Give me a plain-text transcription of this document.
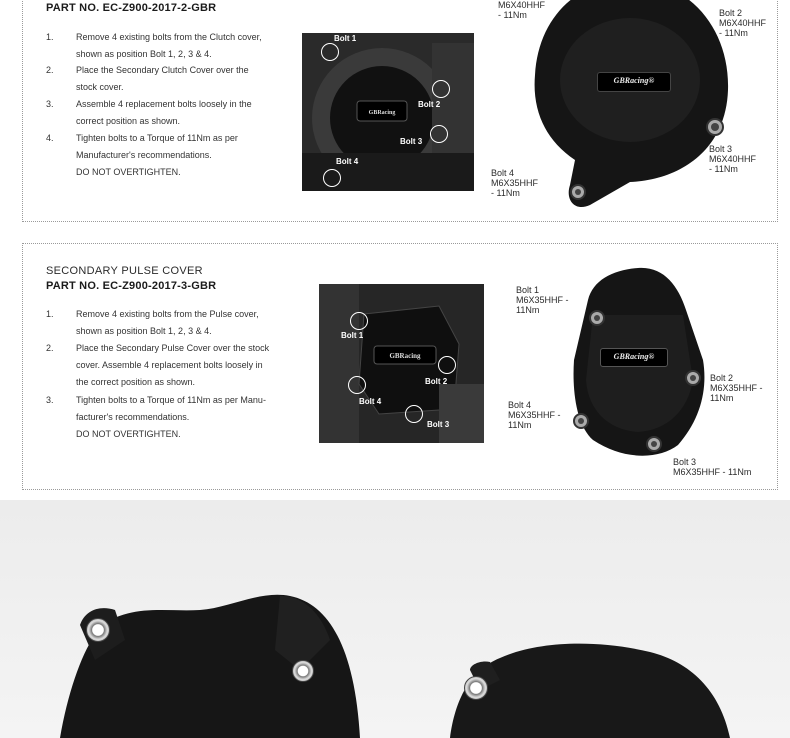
PART NO. EC-Z900-2017-2-GBR
1. Remove 4 existing bolts from the Clutch cover,
shown as position Bolt 1, 2, 3 & 4.
2. Place the Secondary Clutch Cover over the
stock cover.
3. Assemble 4 replacement bolts loosely in the
correct position as shown.
4. Tighten bolts to a Torque of 11Nm as per
Manufacturer's recommendations.
DO NOT OVERTIGHTEN.
GBRacing
Bolt 1
Bolt 2
Bolt 3
Bolt 4
GBRacing®
M6X40HHF
- 11Nm	Bolt 2
M6X40HHF
- 11Nm
Bolt 3
M6X40HHF
- 11Nm
Bolt 4
M6X35HHF
- 11Nm
SECONDARY PULSE COVER
PART NO. EC-Z900-2017-3-GBR
1. Remove 4 existing bolts from the Pulse cover,
shown as position Bolt 1, 2, 3 & 4.
2. Place the Secondary Pulse Cover over the stock
cover. Assemble 4 replacement bolts loosely in
the correct position as shown.
3. Tighten bolts to a Torque of 11Nm as per Manu-
facturer's recommendations.
DO NOT OVERTIGHTEN.
GBRacing
Bolt 1
Bolt 2
Bolt 3
Bolt 4
GBRacing®
Bolt 1
M6X35HHF -
11Nm
Bolt 2
M6X35HHF -
11Nm
Bolt 3
M6X35HHF - 11Nm
Bolt 4
M6X35HHF -
11Nm
